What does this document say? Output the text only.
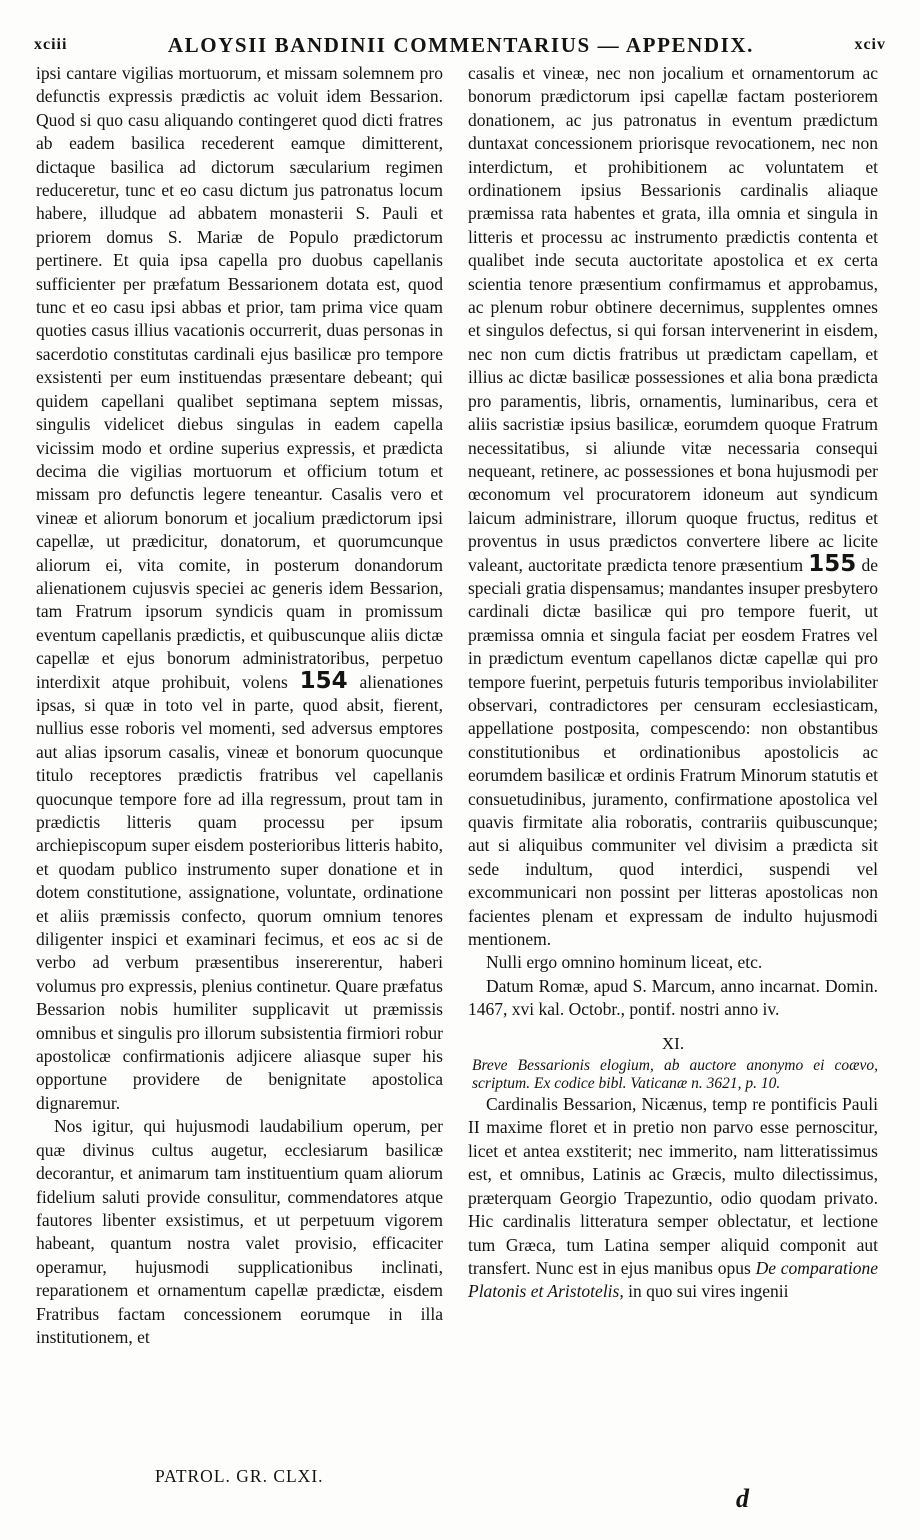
xciii	ALOYSII BANDINII COMMENTARIUS — APPENDIX.	xciv

ipsi cantare vigilias mortuorum, et missam solemnem pro defunctis expressis prædictis ac voluit idem Bessarion. Quod si quo casu aliquando contingeret quod dicti fratres ab eadem basilica recederent eamque dimitterent, dictaque basilica ad dictorum sæcularium regimen reduceretur, tunc et eo casu dictum jus patronatus locum habere, illudque ad abbatem monasterii S. Pauli et priorem domus S. Mariæ de Populo prædictorum pertinere. Et quia ipsa capella pro duobus capellanis sufficienter per præfatum Bessarionem dotata est, quod tunc et eo casu ipsi abbas et prior, tam prima vice quam quoties casus illius vacationis occurrerit, duas personas in sacerdotio constitutas cardinali ejus basilicæ pro tempore exsistenti per eum instituendas præsentare debeant; qui quidem capellani qualibet septimana septem missas, singulis videlicet diebus singulas in eadem capella vicissim modo et ordine superius expressis, et prædicta decima die vigilias mortuorum et officium totum et missam pro defunctis legere teneantur. Casalis vero et vineæ et aliorum bonorum et jocalium prædictorum ipsi capellæ, ut prædicitur, donatorum, et quorumcunque aliorum ei, vita comite, in posterum donandorum alienationem cujusvis speciei ac generis idem Bessarion, tam Fratrum ipsorum syndicis quam in promissum eventum capellanis prædictis, et quibuscunque aliis dictæ capellæ et ejus bonorum administratoribus, perpetuo interdixit atque prohibuit, volens 154 alienationes ipsas, si quæ in toto vel in parte, quod absit, fierent, nullius esse roboris vel momenti, sed adversus emptores aut alias ipsorum casalis, vineæ et bonorum quocunque titulo receptores prædictis fratribus vel capellanis quocunque tempore fore ad illa regressum, prout tam in prædictis litteris quam processu per ipsum archiepiscopum super eisdem posterioribus litteris habito, et quodam publico instrumento super donatione et in dotem constitutione, assignatione, voluntate, ordinatione et aliis præmissis confecto, quorum omnium tenores diligenter inspici et examinari fecimus, et eos ac si de verbo ad verbum præsentibus insererentur, haberi volumus pro expressis, plenius continetur. Quare præfatus Bessarion nobis humiliter supplicavit ut præmissis omnibus et singulis pro illorum subsistentia firmiori robur apostolicæ confirmationis adjicere aliasque super his opportune providere de benignitate apostolica dignaremur.

Nos igitur, qui hujusmodi laudabilium operum, per quæ divinus cultus augetur, ecclesiarum basilicæ decorantur, et animarum tam instituentium quam aliorum fidelium saluti provide consulitur, commendatores atque fautores libenter exsistimus, et ut perpetuum vigorem habeant, quantum nostra valet provisio, efficaciter operamur, hujusmodi supplicationibus inclinati, reparationem et ornamentum capellæ prædictæ, eisdem Fratribus factam concessionem eorumque in illa institutionem, et

casalis et vineæ, nec non jocalium et ornamentorum ac bonorum prædictorum ipsi capellæ factam posteriorem donationem, ac jus patronatus in eventum prædictum duntaxat concessionem priorisque revocationem, nec non interdictum, et prohibitionem ac voluntatem et ordinationem ipsius Bessarionis cardinalis aliaque præmissa rata habentes et grata, illa omnia et singula in litteris et processu ac instrumento prædictis contenta et qualibet inde secuta auctoritate apostolica et ex certa scientia tenore præsentium confirmamus et approbamus, ac plenum robur obtinere decernimus, supplentes omnes et singulos defectus, si qui forsan intervenerint in eisdem, nec non cum dictis fratribus ut prædictam capellam, et illius ac dictæ basilicæ possessiones et alia bona prædicta pro paramentis, libris, ornamentis, luminaribus, cera et aliis sacristiæ ipsius basilicæ, eorumdem quoque Fratrum necessitatibus, si aliunde vitæ necessaria consequi nequeant, retinere, ac possessiones et bona hujusmodi per œconomum vel procuratorem idoneum aut syndicum laicum administrare, illorum quoque fructus, reditus et proventus in usus prædictos convertere libere ac licite valeant, auctoritate prædicta tenore præsentium 155 de speciali gratia dispensamus; mandantes insuper presbytero cardinali dictæ basilicæ qui pro tempore fuerit, ut præmissa omnia et singula faciat per eosdem Fratres vel in prædictum eventum capellanos dictæ capellæ qui pro tempore fuerint, perpetuis futuris temporibus inviolabiliter observari, contradictores per censuram ecclesiasticam, appellatione postposita, compescendo: non obstantibus constitutionibus et ordinationibus apostolicis ac eorumdem basilicæ et ordinis Fratrum Minorum statutis et consuetudinibus, juramento, confirmatione apostolica vel quavis firmitate alia roboratis, contrariis quibuscunque; aut si aliquibus communiter vel divisim a prædicta sit sede indultum, quod interdici, suspendi vel excommunicari non possint per litteras apostolicas non facientes plenam et expressam de indulto hujusmodi mentionem.

Nulli ergo omnino hominum liceat, etc.

Datum Romæ, apud S. Marcum, anno incarnat. Domin. 1467, xvi kal. Octobr., pontif. nostri anno iv.

XI.

Breve Bessarionis elogium, ab auctore anonymo ei coævo, scriptum. Ex codice bibl. Vaticanæ n. 3621, p. 10.

Cardinalis Bessarion, Nicænus, temp re pontificis Pauli II maxime floret et in pretio non parvo esse pernoscitur, licet et antea exstiterit; nec immerito, nam litteratissimus est, et omnibus, Latinis ac Græcis, multo dilectissimus, præterquam Georgio Trapezuntio, odio quodam privato. Hic cardinalis litteratura semper oblectatur, et lectione tum Græca, tum Latina semper aliquid componit aut transfert. Nunc est in ejus manibus opus De comparatione Platonis et Aristotelis, in quo sui vires ingenii

PATROL. GR. CLXI.
d
